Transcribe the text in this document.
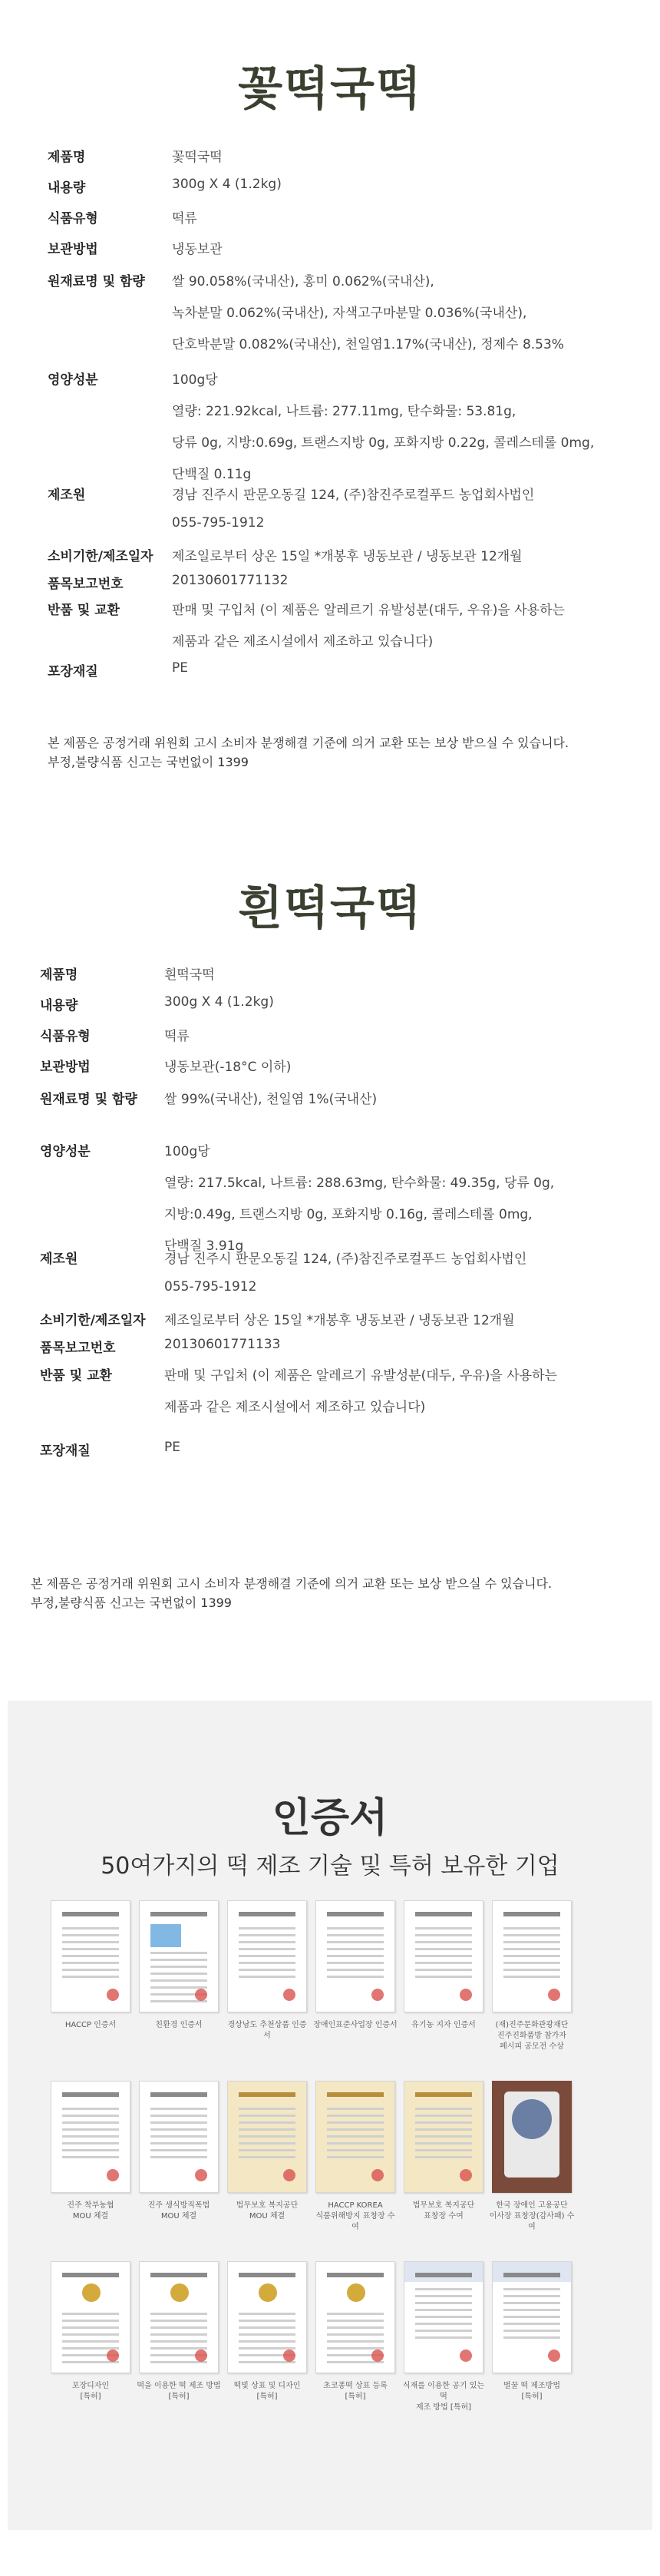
꽃떡국떡
제품명	꽃떡국떡
내용량	300g X 4 (1.2kg)
식품유형	떡류
보관방법	냉동보관
원재료명 및 함량 쌀 90.058%(국내산), 홍미 0.062%(국내산),
녹차분말 0.062%(국내산), 자색고구마분말 0.036%(국내산),
단호박분말 0.082%(국내산), 천일염1.17%(국내산), 정제수 8.53%
영양성분	100g당
열량: 221.92kcal, 나트륨: 277.11mg, 탄수화물: 53.81g,
당류 0g, 지방:0.69g, 트랜스지방 0g, 포화지방 0.22g, 콜레스테롤 0mg,
단백질 0.11g
제조원	경남 진주시 판문오동길 124, (주)참진주로컬푸드 농업회사법인
055-795-1912
소비기한/제조일자 제조일로부터 상온 15일 *개봉후 냉동보관 / 냉동보관 12개월
품목보고번호	20130601771132
반품 및 교환	판매 및 구입처 (이 제품은 알레르기 유발성분(대두, 우유)을 사용하는
제품과 같은 제조시설에서 제조하고 있습니다)
포장재질	PE
본 제품은 공정거래 위원회 고시 소비자 분쟁해결 기준에 의거 교환 또는 보상 받으실 수 있습니다.
부정,불량식품 신고는 국번없이 1399
흰떡국떡
제품명	흰떡국떡
내용량	300g X 4 (1.2kg)
식품유형	떡류
보관방법	냉동보관(-18°C 이하)
원재료명 및 함량 쌀 99%(국내산), 천일염 1%(국내산)
영양성분	100g당
열량: 217.5kcal, 나트륨: 288.63mg, 탄수화물: 49.35g, 당류 0g,
지방:0.49g, 트랜스지방 0g, 포화지방 0.16g, 콜레스테롤 0mg,
단백질 3.91g
제조원	경남 진주시 판문오동길 124, (주)참진주로컬푸드 농업회사법인
055-795-1912
소비기한/제조일자 제조일로부터 상온 15일 *개봉후 냉동보관 / 냉동보관 12개월
품목보고번호	20130601771133
반품 및 교환	판매 및 구입처 (이 제품은 알레르기 유발성분(대두, 우유)을 사용하는
제품과 같은 제조시설에서 제조하고 있습니다)
포장재질	PE
본 제품은 공정거래 위원회 고시 소비자 분쟁해결 기준에 의거 교환 또는 보상 받으실 수 있습니다.
부정,불량식품 신고는 국번없이 1399
인증서

50여가지의 떡 제조 기술 및 특허 보유한 기업

HACCP 인증서	친환경 인증서	경상남도 추천상품 인증서
장애인표준사업장 인증서	유기농 지자 인증서	(재)진주문화관광재단
진주진화품방 참가자
페시피 공모전 수상
진주 착부농협
MOU 체결
진주 생식방직폭법
MOU 체결
법무보호 복지공단
MOU 체결
HACCP KOREA
식품위해방지 표창장 수여
법무보호 복지공단
표창장 수여
한국 장애인 고용공단
이사장 표창장(감사패) 수여
포장디자인
[특허]
떡을 이용한 떡 제조 방법
[특허]
떡빛 상표 및 디자인
[특허]
초코퐁떡 상표 등록
[특허]
식재를 이용한 공기 있는 떡
제조 방법 [특허]
벌꿀 떡 제조방법
[특허]
